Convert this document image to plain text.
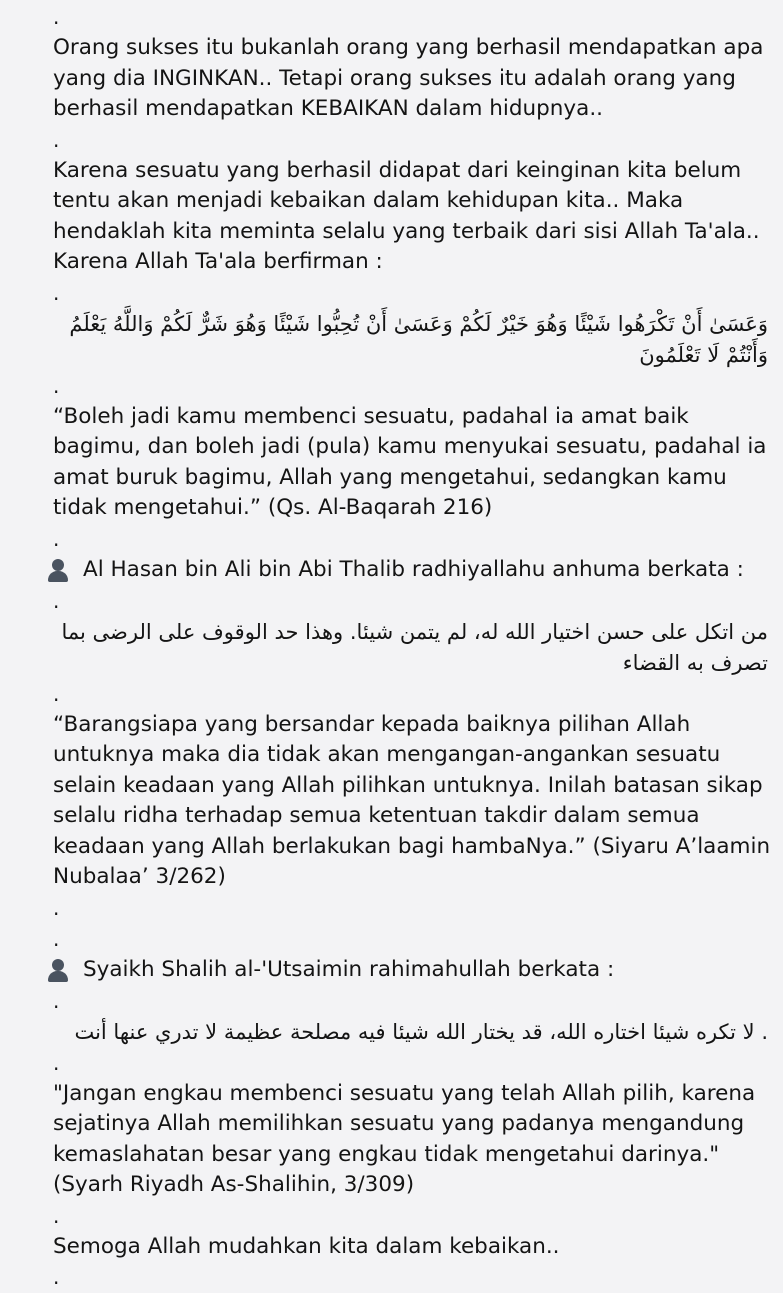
.

Orang sukses itu bukanlah orang yang berhasil mendapatkan apa yang dia INGINKAN.. Tetapi orang sukses itu adalah orang yang berhasil mendapatkan KEBAIKAN dalam hidupnya..

.

Karena sesuatu yang berhasil didapat dari keinginan kita belum tentu akan menjadi kebaikan dalam kehidupan kita.. Maka hendaklah kita meminta selalu yang terbaik dari sisi Allah Ta'ala.. Karena Allah Ta'ala berfirman :

.

وَعَسَىٰ أَنْ تَكْرَهُوا شَيْئًا وَهُوَ خَيْرٌ لَكُمْ وَعَسَىٰ أَنْ تُحِبُّوا شَيْئًا وَهُوَ شَرٌّ لَكُمْ وَاللَّهُ يَعْلَمُ وَأَنْتُمْ لَا تَعْلَمُونَ

.

“Boleh jadi kamu membenci sesuatu, padahal ia amat baik bagimu, dan boleh jadi (pula) kamu menyukai sesuatu, padahal ia amat buruk bagimu, Allah yang mengetahui, sedangkan kamu tidak mengetahui.” (Qs. Al-Baqarah 216)

.
Al Hasan bin Ali bin Abi Thalib radhiyallahu anhuma berkata :
.

من اتكل على حسن اختيار الله له، لم يتمن شيئا. وهذا حد الوقوف على الرضى بما تصرف به القضاء

.

“Barangsiapa yang bersandar kepada baiknya pilihan Allah untuknya maka dia tidak akan mengangan-angankan sesuatu selain keadaan yang Allah pilihkan untuknya. Inilah batasan sikap selalu ridha terhadap semua ketentuan takdir dalam semua keadaan yang Allah berlakukan bagi hambaNya.” (Siyaru A’laamin Nubalaa’ 3/262)

.
.
Syaikh Shalih al-'Utsaimin rahimahullah berkata :
.

. لا تكره شيئا اختاره الله، قد يختار الله شيئا فيه مصلحة عظيمة لا تدري عنها أنت

.

"Jangan engkau membenci sesuatu yang telah Allah pilih, karena sejatinya Allah memilihkan sesuatu yang padanya mengandung kemaslahatan besar yang engkau tidak mengetahui darinya." (Syarh Riyadh As-Shalihin, 3/309)

.

Semoga Allah mudahkan kita dalam kebaikan..

.
